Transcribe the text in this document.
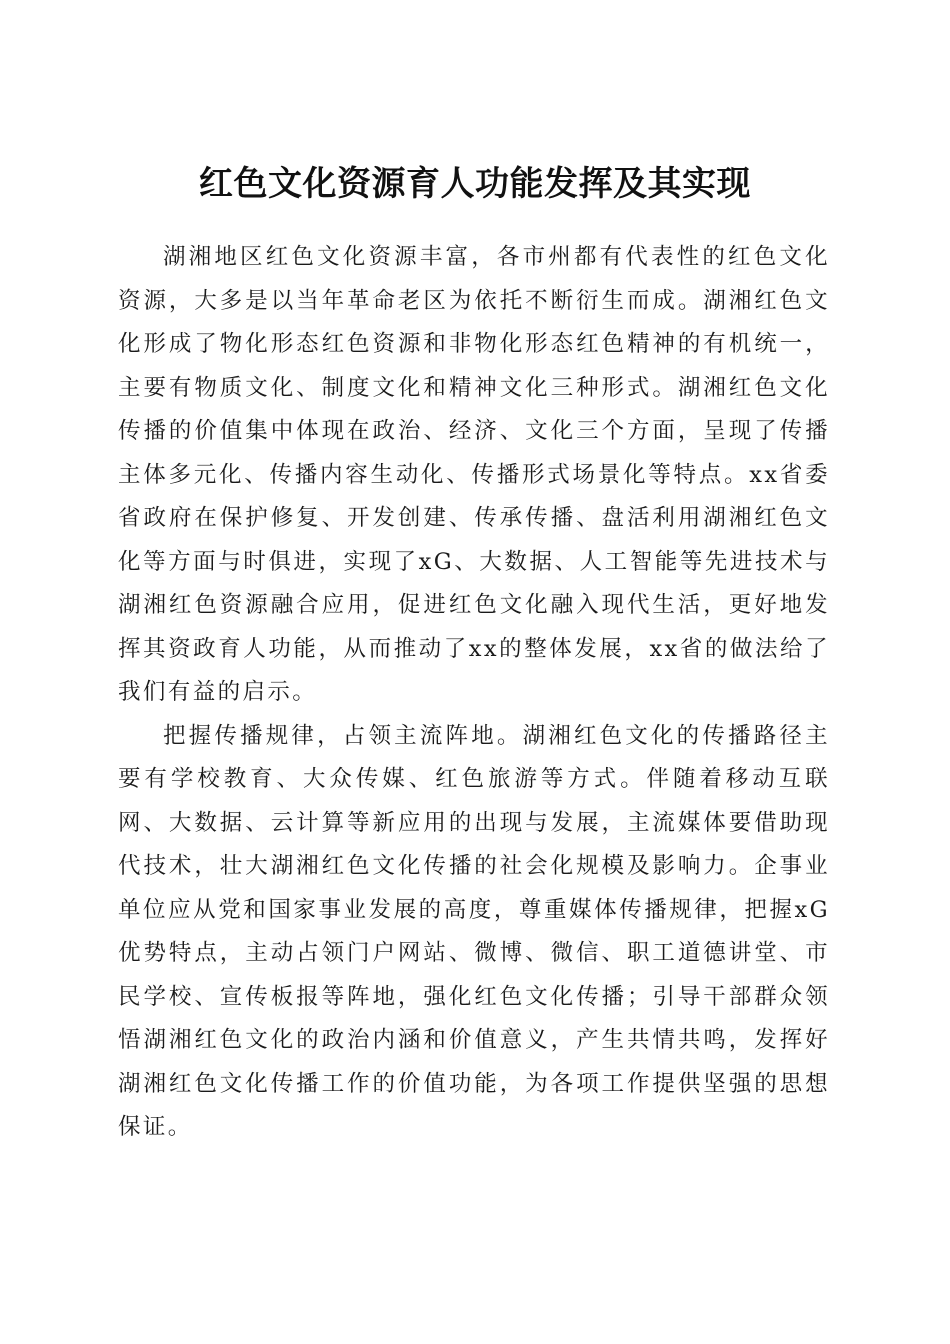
红色文化资源育人功能发挥及其实现

湖湘地区红色文化资源丰富，各市州都有代表性的红色文化资源，大多是以当年革命老区为依托不断衍生而成。湖湘红色文化形成了物化形态红色资源和非物化形态红色精神的有机统一，主要有物质文化、制度文化和精神文化三种形式。湖湘红色文化传播的价值集中体现在政治、经济、文化三个方面，呈现了传播主体多元化、传播内容生动化、传播形式场景化等特点。xx省委省政府在保护修复、开发创建、传承传播、盘活利用湖湘红色文化等方面与时俱进，实现了xG、大数据、人工智能等先进技术与湖湘红色资源融合应用，促进红色文化融入现代生活，更好地发挥其资政育人功能，从而推动了xx的整体发展，xx省的做法给了我们有益的启示。

把握传播规律，占领主流阵地。湖湘红色文化的传播路径主要有学校教育、大众传媒、红色旅游等方式。伴随着移动互联网、大数据、云计算等新应用的出现与发展，主流媒体要借助现代技术，壮大湖湘红色文化传播的社会化规模及影响力。企事业单位应从党和国家事业发展的高度，尊重媒体传播规律，把握xG优势特点，主动占领门户网站、微博、微信、职工道德讲堂、市民学校、宣传板报等阵地，强化红色文化传播；引导干部群众领悟湖湘红色文化的政治内涵和价值意义，产生共情共鸣，发挥好湖湘红色文化传播工作的价值功能，为各项工作提供坚强的思想保证。
